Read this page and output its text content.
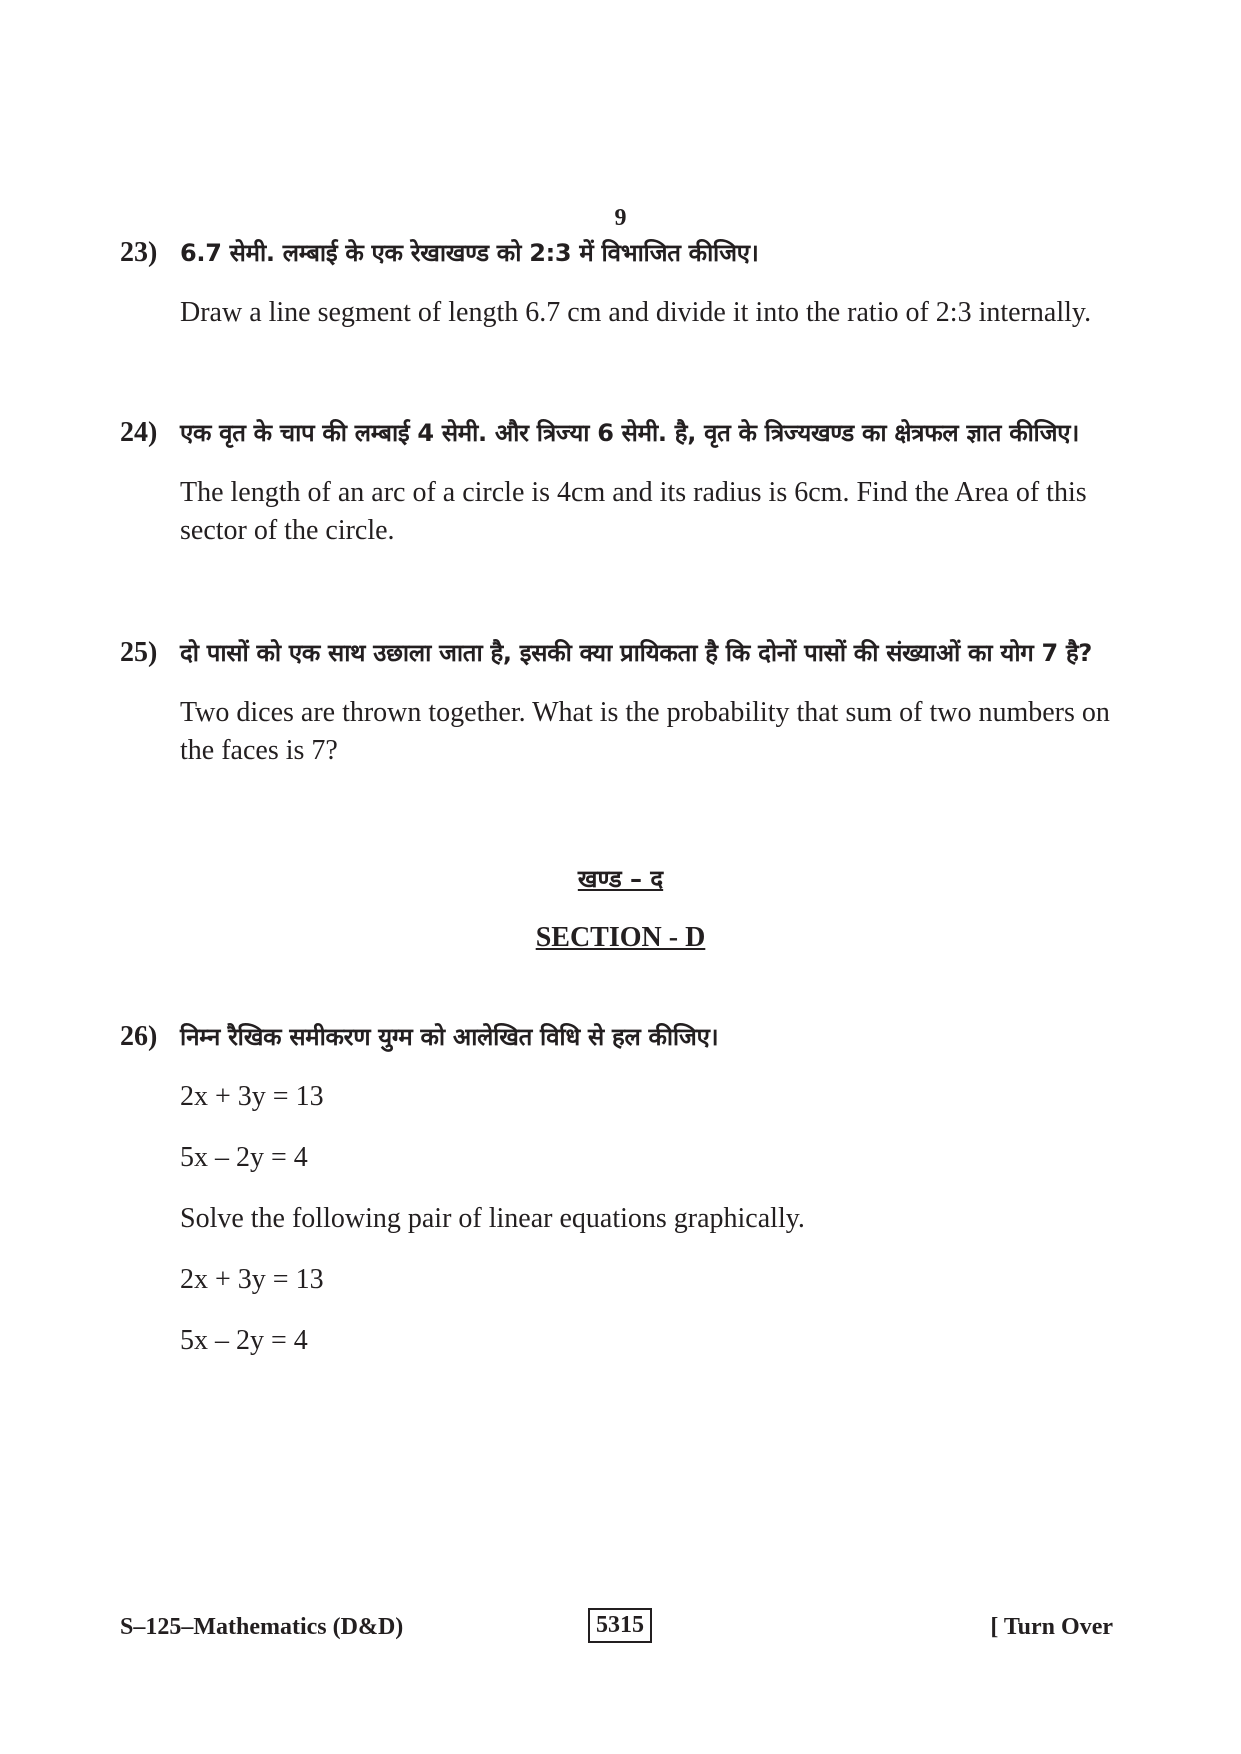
9
23) 6.7 सेमी. लम्बाई के एक रेखाखण्ड को 2:3 में विभाजित कीजिए।
Draw a line segment of length 6.7 cm and divide it into the ratio of 2:3 internally.
24) एक वृत के चाप की लम्बाई 4 सेमी. और त्रिज्या 6 सेमी. है, वृत के त्रिज्यखण्ड का क्षेत्रफल ज्ञात कीजिए।
The length of an arc of a circle is 4cm and its radius is 6cm. Find the Area of this sector of the circle.
25) दो पासों को एक साथ उछाला जाता है, इसकी क्या प्रायिकता है कि दोनों पासों की संख्याओं का योग 7 है?
Two dices are thrown together. What is the probability that sum of two numbers on the faces is 7?
खण्ड – द
SECTION - D
26) निम्न रैखिक समीकरण युग्म को आलेखित विधि से हल कीजिए।
2x + 3y = 13
5x – 2y = 4
Solve the following pair of linear equations graphically.
2x + 3y = 13
5x – 2y = 4
S–125–Mathematics (D&D)	5315	[ Turn Over
